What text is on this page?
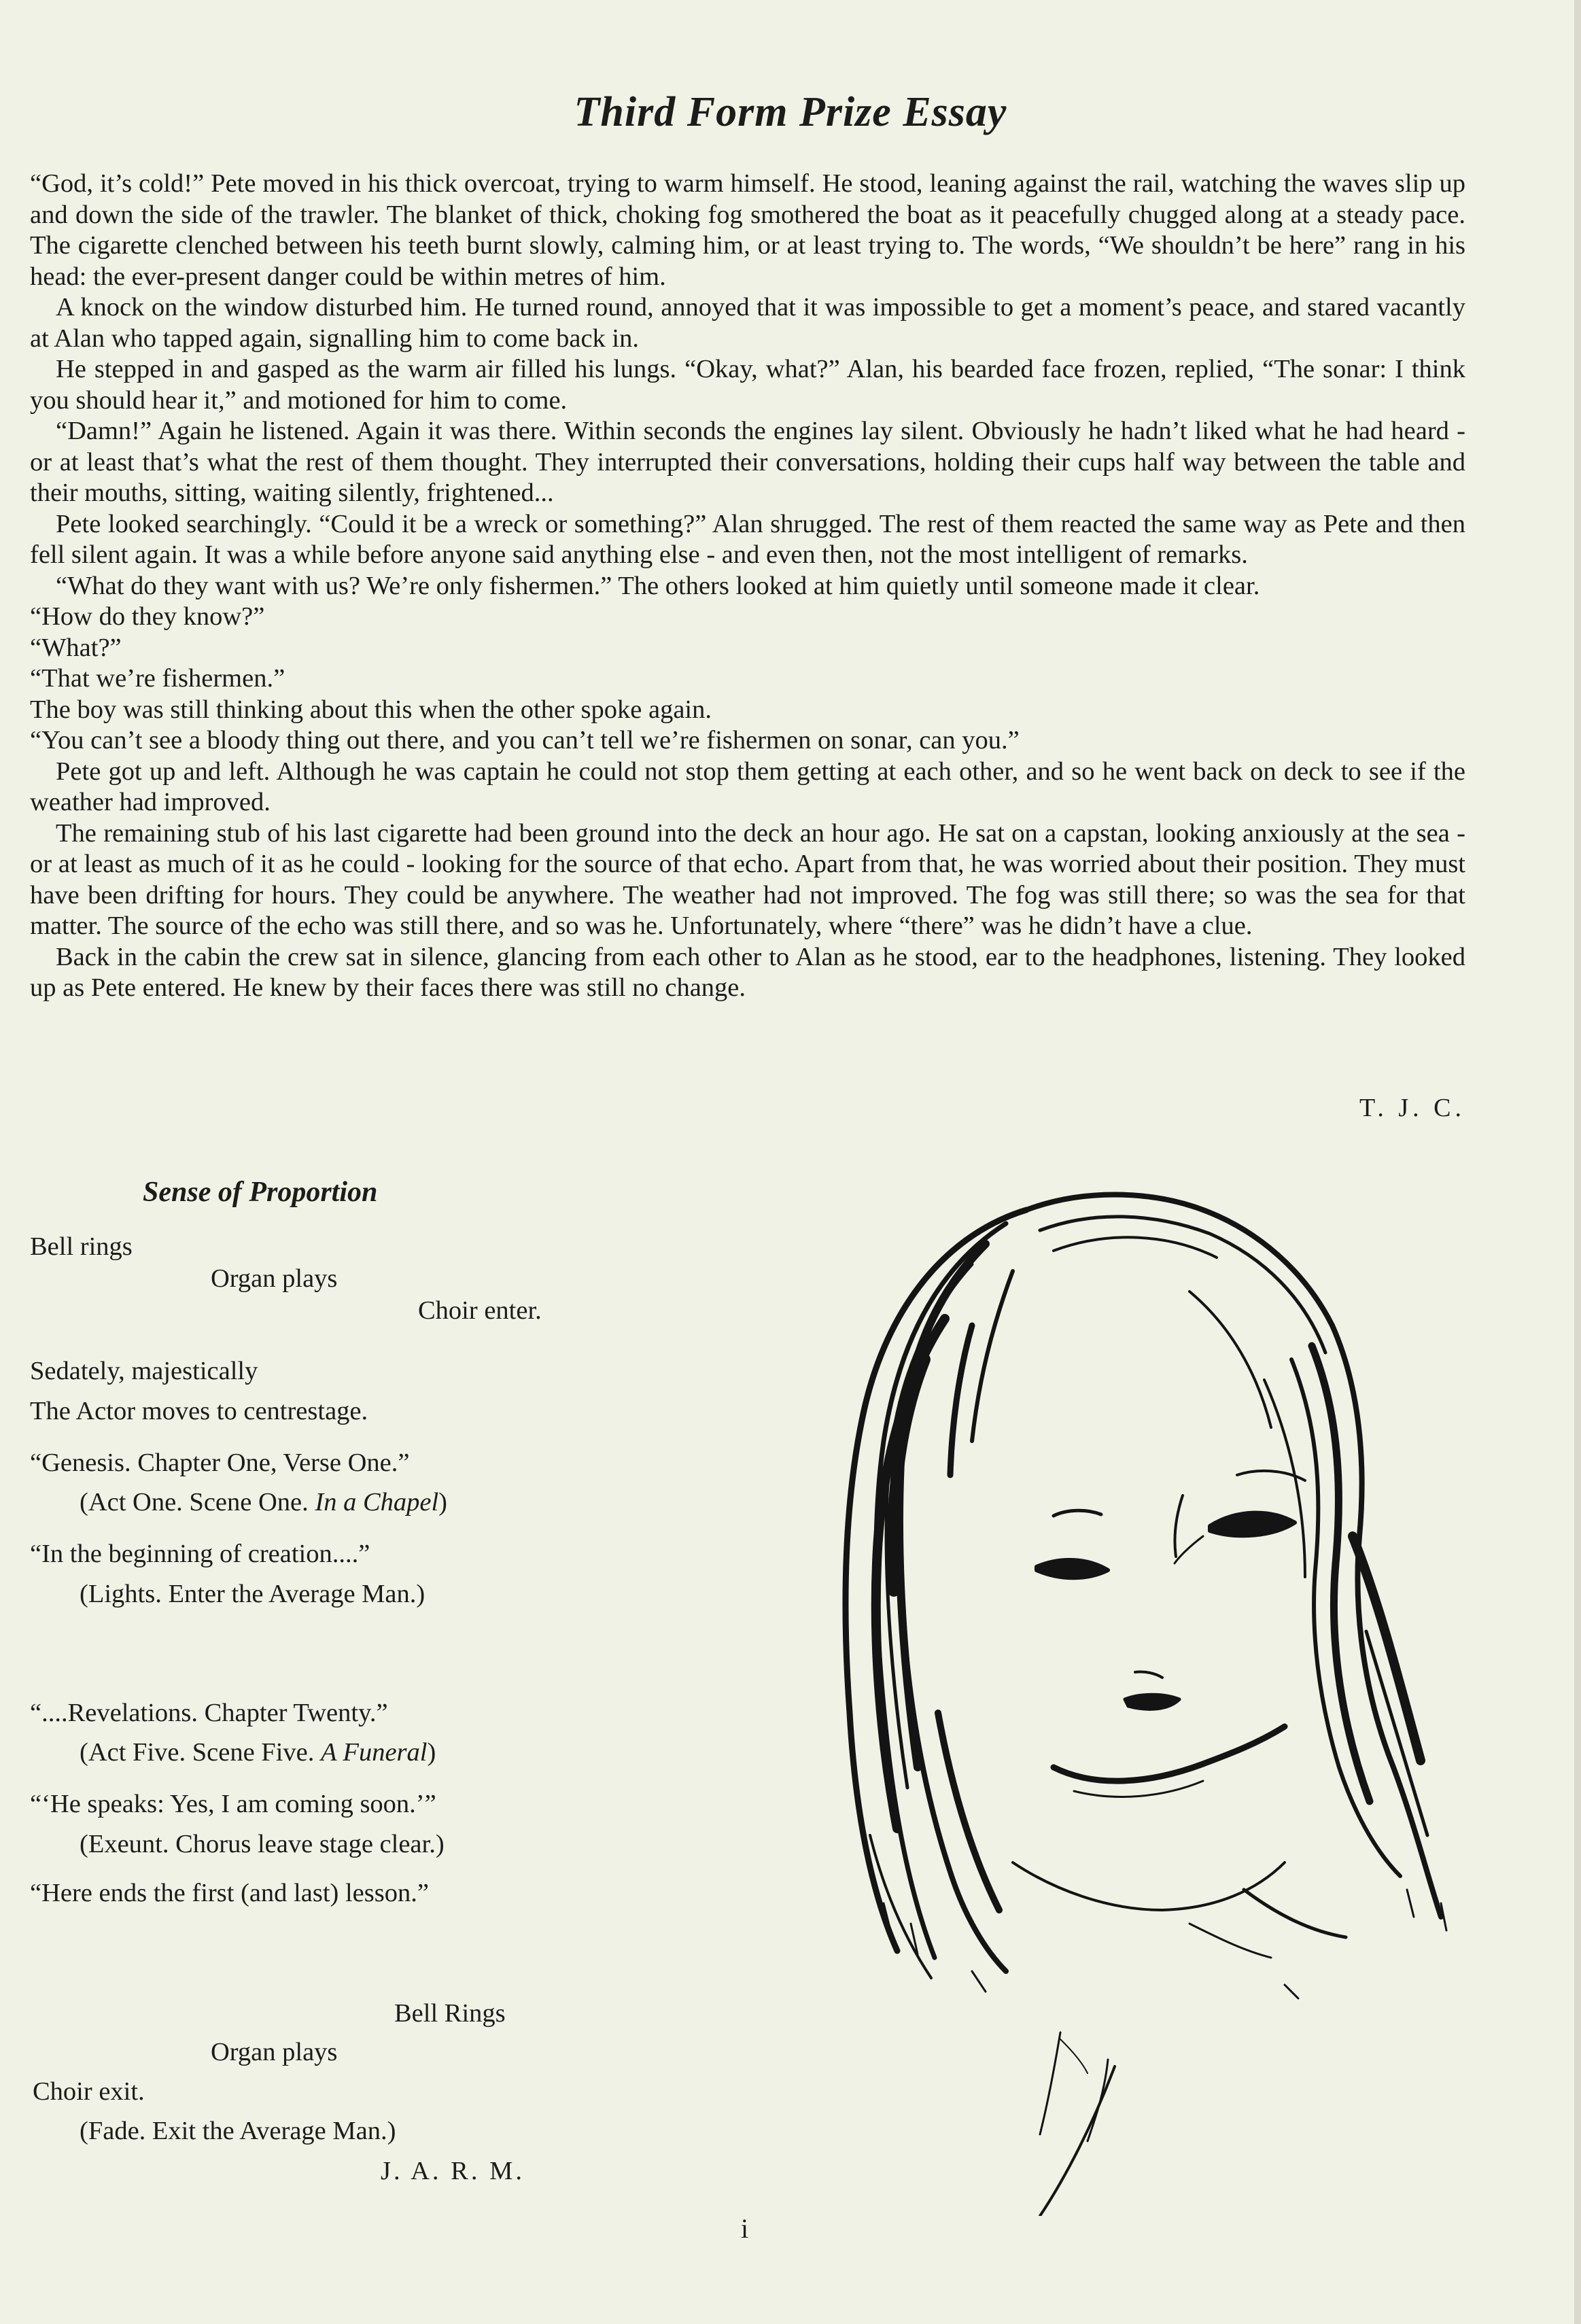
Third Form Prize Essay

“God, it’s cold!” Pete moved in his thick overcoat, trying to warm himself. He stood, leaning against the rail, watching the waves slip up and down the side of the trawler. The blanket of thick, choking fog smothered the boat as it peacefully chugged along at a steady pace. The cigarette clenched between his teeth burnt slowly, calming him, or at least trying to. The words, “We shouldn’t be here” rang in his head: the ever-present danger could be within metres of him.

A knock on the window disturbed him. He turned round, annoyed that it was impossible to get a moment’s peace, and stared vacantly at Alan who tapped again, signalling him to come back in.

He stepped in and gasped as the warm air filled his lungs. “Okay, what?” Alan, his bearded face frozen, replied, “The sonar: I think you should hear it,” and motioned for him to come.

“Damn!” Again he listened. Again it was there. Within seconds the engines lay silent. Obviously he hadn’t liked what he had heard - or at least that’s what the rest of them thought. They interrupted their conversations, holding their cups half way between the table and their mouths, sitting, waiting silently, frightened...

Pete looked searchingly. “Could it be a wreck or something?” Alan shrugged. The rest of them reacted the same way as Pete and then fell silent again. It was a while before anyone said anything else - and even then, not the most intelligent of remarks.

“What do they want with us? We’re only fishermen.” The others looked at him quietly until someone made it clear.

“How do they know?”

“What?”

“That we’re fishermen.”

The boy was still thinking about this when the other spoke again.

“You can’t see a bloody thing out there, and you can’t tell we’re fishermen on sonar, can you.”

Pete got up and left. Although he was captain he could not stop them getting at each other, and so he went back on deck to see if the weather had improved.

The remaining stub of his last cigarette had been ground into the deck an hour ago. He sat on a capstan, looking anxiously at the sea - or at least as much of it as he could - looking for the source of that echo. Apart from that, he was worried about their position. They must have been drifting for hours. They could be anywhere. The weather had not improved. The fog was still there; so was the sea for that matter. The source of the echo was still there, and so was he. Unfortunately, where “there” was he didn’t have a clue.

Back in the cabin the crew sat in silence, glancing from each other to Alan as he stood, ear to the headphones, listening. They looked up as Pete entered. He knew by their faces there was still no change.

T. J. C.
Sense of Proportion
Bell rings
Organ plays
Choir enter.
Sedately, majestically
The Actor moves to centrestage.
“Genesis. Chapter One, Verse One.”
(Act One. Scene One. In a Chapel)
“In the beginning of creation....”
(Lights. Enter the Average Man.)
“....Revelations. Chapter Twenty.”
(Act Five. Scene Five. A Funeral)
“‘He speaks: Yes, I am coming soon.’”
(Exeunt. Chorus leave stage clear.)
“Here ends the first (and last) lesson.”
Bell Rings
Organ plays
Choir exit.
(Fade. Exit the Average Man.)
J. A. R. M.
i
